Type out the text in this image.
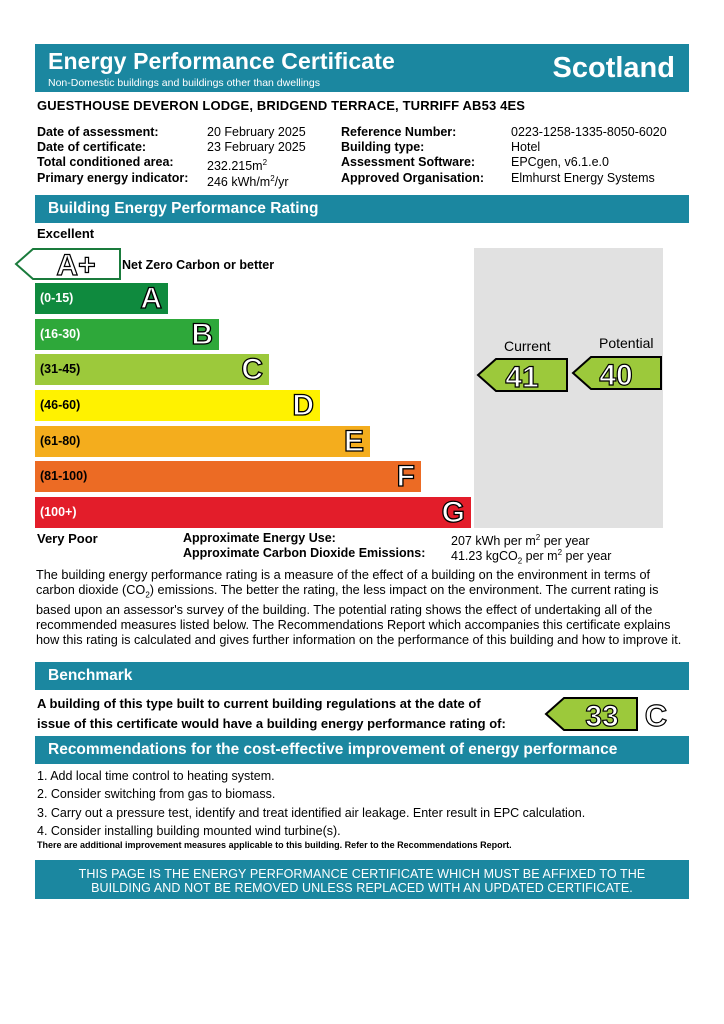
Energy Performance Certificate
Non-Domestic buildings and buildings other than dwellings	Scotland
GUESTHOUSE DEVERON LODGE, BRIDGEND TERRACE, TURRIFF AB53 4ES
Date of assessment:	20 February 2025
Date of certificate:	23 February 2025
Total conditioned area:	$232.215m^2$
Primary energy indicator: 246 kWh/$m^2/yr$
Reference Number:	0223-1258-1335-8050-6020
Building type:	Hotel
Assessment Software:	EPCgen, v6.1.e.0
Approved Organisation: Elmhurst Energy Systems
Building Energy Performance Rating
Excellent
A+ Net Zero Carbon or better
(0-15) A
(16-30)	B
(31-45)	C
(46-60)	D
(61-80)	E
(81-100)	F
(100+)	G
Current
41
Potential
40
Very Poor	Approximate Energy Use:	207 kWh per $m^2$ per year
Approximate Carbon Dioxide Emissions: 41.23 kgCO$_2$ per $m^2$ per year
The building energy performance rating is a measure of the effect of a building on the environment in terms of carbon dioxide $(CO_2)$ emissions. The better the rating, the less impact on the environment. The current rating is based upon an assessor's survey of the building. The potential rating shows the effect of undertaking all of the recommended measures listed below. The Recommendations Report which accompanies this certificate explains how this rating is calculated and gives further information on the performance of this building and how to improve it.
Benchmark
A building of this type built to current building regulations at the date of
issue of this certificate would have a building energy performance rating of:	33 C
Recommendations for the cost-effective improvement of energy performance
1. Add local time control to heating system.
2. Consider switching from gas to biomass.
3. Carry out a pressure test, identify and treat identified air leakage. Enter result in EPC calculation.
4. Consider installing building mounted wind turbine(s).
There are additional improvement measures applicable to this building. Refer to the Recommendations Report.
THIS PAGE IS THE ENERGY PERFORMANCE CERTIFICATE WHICH MUST BE AFFIXED TO THE
BUILDING AND NOT BE REMOVED UNLESS REPLACED WITH AN UPDATED CERTIFICATE.
